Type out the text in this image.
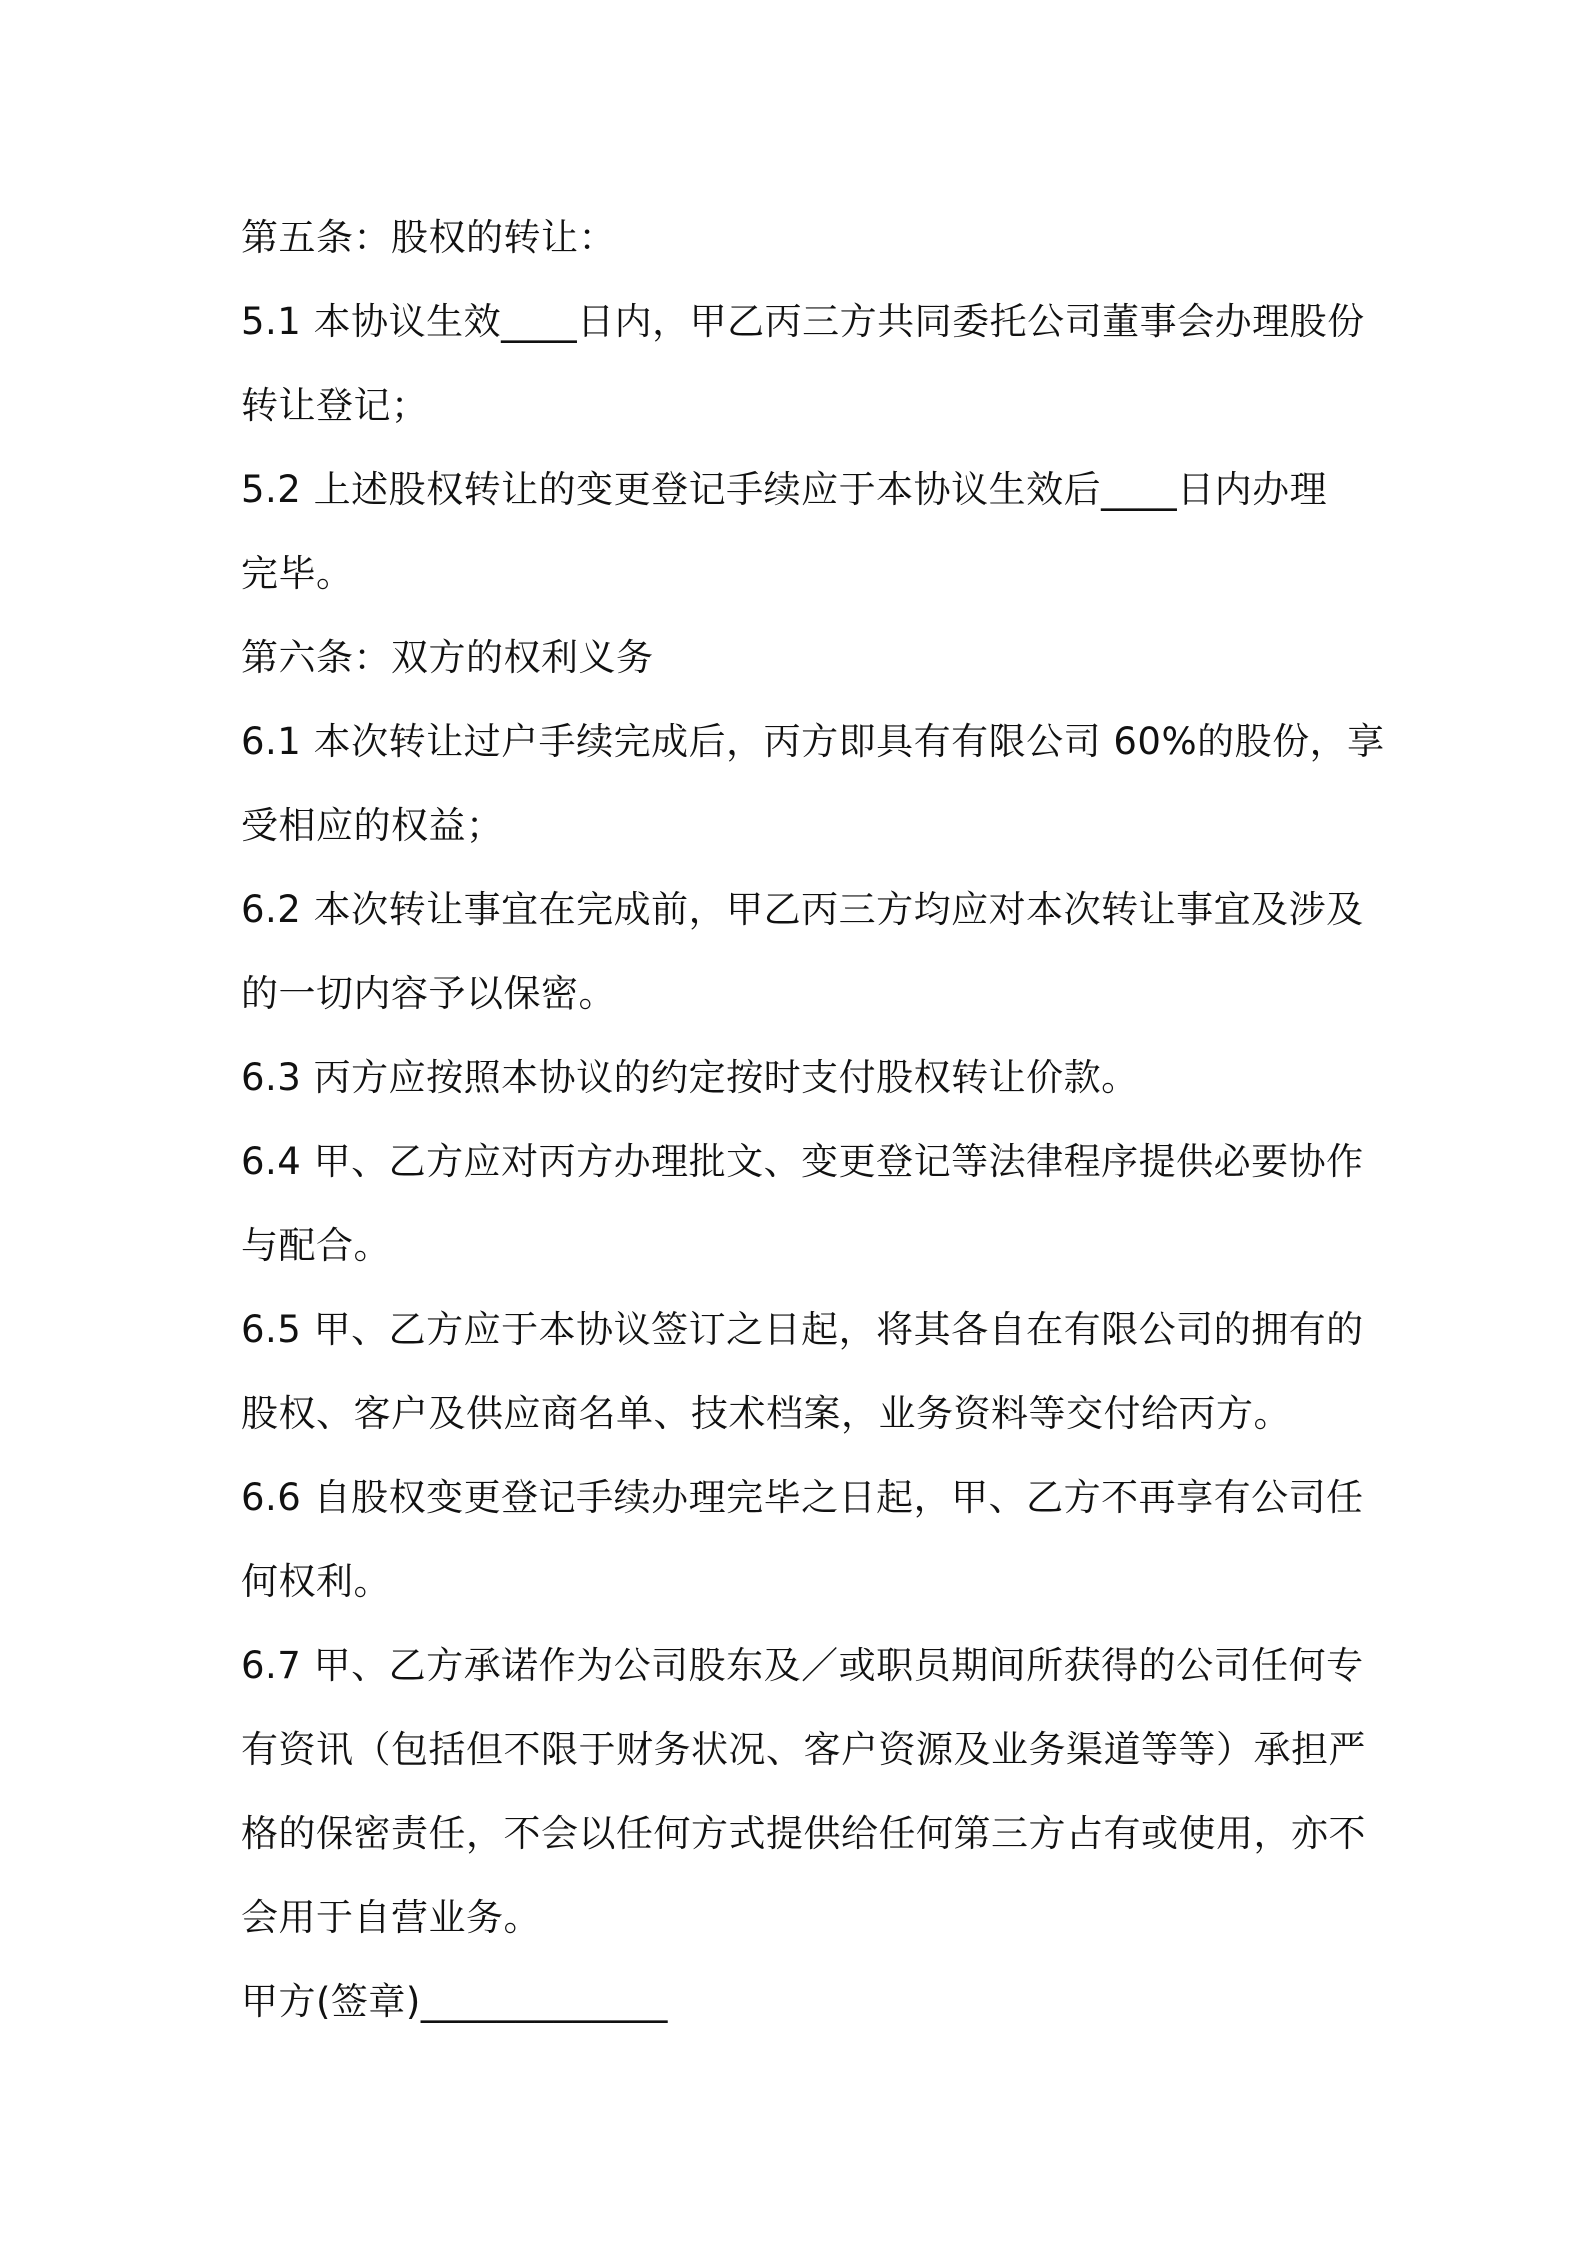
第五条：股权的转让：
5.1 本协议生效____日内，甲乙丙三方共同委托公司董事会办理股份
转让登记；
5.2 上述股权转让的变更登记手续应于本协议生效后____日内办理
完毕。
第六条：双方的权利义务
6.1 本次转让过户手续完成后，丙方即具有有限公司 60%的股份，享
受相应的权益；
6.2 本次转让事宜在完成前，甲乙丙三方均应对本次转让事宜及涉及
的一切内容予以保密。
6.3 丙方应按照本协议的约定按时支付股权转让价款。
6.4 甲、乙方应对丙方办理批文、变更登记等法律程序提供必要协作
与配合。
6.5 甲、乙方应于本协议签订之日起，将其各自在有限公司的拥有的
股权、客户及供应商名单、技术档案，业务资料等交付给丙方。
6.6 自股权变更登记手续办理完毕之日起，甲、乙方不再享有公司任
何权利。
6.7 甲、乙方承诺作为公司股东及／或职员期间所获得的公司任何专
有资讯（包括但不限于财务状况、客户资源及业务渠道等等）承担严
格的保密责任，不会以任何方式提供给任何第三方占有或使用，亦不
会用于自营业务。
甲方(签章)_____________
